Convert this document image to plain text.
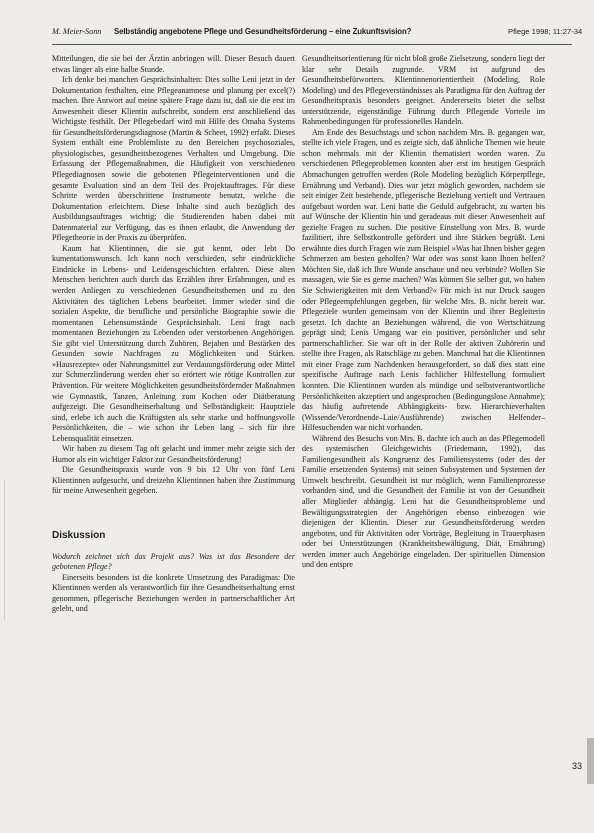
M. Meier-Sonn Selbständig angebotene Pflege und Gesundheitsförderung – eine Zukunftsvision?	Pflege 1998; 11:27-34

Mitteilungen, die sie bei der Ärztin anbringen will. Dieser Besuch dauert etwas länger als eine halbe Stunde.

Ich denke bei manchen Gesprächsinhalten: Dies sollte Leni jetzt in der Dokumentation festhalten, eine Pflegeanamnese und planung per excel(?) machen. Ihre Antwort auf meine spätere Frage dazu ist, daß sie die erst im Anwesenheit dieser Klientin aufschreibt, sondern erst anschließend das Wichtigste festhält. Der Pflegebedarf wird mit Hilfe des Omaha Systems für Gesundheitsförderungsdiagnose (Martin & Scheet, 1992) erfaßt. Dieses System enthält eine Problemliste zu den Bereichen psychosoziales, physiologisches, gesundheitsbezogenes Verhalten und Umgebung. Die Erfassung der Pflegemaßnahmen, die Häufigkeit von verschiedenen Pflegediagnosen sowie die gebotenen Pflegeinterventionen und die gesamte Evaluation sind an dem Teil des Projektauftrages. Für diese Schritte werden überschrittene Instrumente benutzt, welche die Dokumentation erleichtern. Diese Inhalte sind auch bezüglich des Ausbildungsauftrages wichtig; die Studierenden haben dabei mit Datenmaterial zur Verfügung, das es ihnen erlaubt, die Anwendung der Pflegetheorie in der Praxis zu überprüfen.

Kaum hat Klientinnen, die sie gut kennt, oder lebt Do kumentationswunsch. Ich kann noch verschieden, sehr eindrückliche Eindrücke in Lebens- und Leidensgeschichten erfahren. Diese alten Menschen berichten auch durch das Erzählen ihrer Erfahrungen, und es werden Anliegen zu verschiedenen Gesundheitsthemen und zu den Aktivitäten des täglichen Lebens bearbeitet. Immer wieder sind die sozialen Aspekte, die berufliche und persönliche Biographie sowie die momentanen Lebensumstände Gesprächsinhalt. Leni fragt nach momentanen Beziehungen zu Lebenden oder verstorbenen Angehörigen. Sie gibt viel Unterstützung durch Zuhören, Bejahen und Bestärken des Gesunden sowie Nachfragen zu Möglichkeiten und Stärken. »Hausrezepte« oder Nahrungsmittel zur Verdauungsförderung oder Mittel zur Schmerzlinderung werden eher so erörtert wie rötige Kontrollen zur Prävention. Für weitere Möglichkeiten gesundheitsfördernder Maßnahmen wie Gymnastik, Tanzen, Anleitung zum Kochen oder Diätberatung aufgezeigt. Die Gesundheitserhaltung und Selbständigkeit: Hauptziele sind, erlebe ich auch die Kräftigsten als sehr starke und hoffnungsvolle Persönlichkeiten, die – wie schon ihr Leben lang – sich für ihre Lebensqualität einsetzen.

Wir haben zu diesem Tag oft gelacht und immer mehr zeigte sich der Humor als ein wichtiger Faktor zur Gesundheitsförderung!

Die Gesundheitspraxis wurde von 9 bis 12 Uhr von fünf Leni Klientinnen aufgesucht, und dreizehn Klientinnen haben ihre Zustimmung für meine Anwesenheit gegeben.

Diskussion

Wodurch zeichnet sich das Projekt aus? Was ist das Besondere der gebotenen Pflege?

Einerseits besonders ist die konkrete Umsetzung des Paradigmas: Die Klientinnen werden als verantwortlich für ihre Gesundheitserhaltung ernst genommen, pflegerische Beziehungen werden in partnerschaftlicher Art gelebt, und

Gesundheitsorientierung für nicht bloß große Zielsetzung, sondern liegt der klar sehr Details zugrunde. VRM ist aufgrund des Gesundheitsbefürworters. Klientinnenorientiertheit (Modeling, Role Modeling) und des Pflegeverständnisses als Paradigma für den Auftrag der Gesundheitspraxis besonders geeignet. Andererseits bietet die selbst unterstützende, eigenständige Führung durch Pflegende Vorteile im Rahmenbedingungen für professionelles Handeln.

Am Ende des Besuchstags und schon nachdem Mrs. B. gegangen war, stellte ich viele Fragen, und es zeigte sich, daß ähnliche Themen wie heute schon mehrmals mit der Klientin thematisiert worden waren. Zu verschiedenen Pflegeproblemen konnten aber erst im heutigen Gespräch Abmachungen getroffen werden (Role Modeling bezüglich Körperpflege, Ernährung und Verband). Dies war jetzt möglich geworden, nachdem sie seit einiger Zeit bestehende, pflegerische Beziehung vertieft und Vertrauen aufgebaut worden war. Leni hatte die Geduld aufgebracht, zu warten bis auf Wünsche der Klientin hin und geradeaus mit dieser Anwesenheit auf gezielte Fragen zu suchen. Die positive Einstellung von Mrs. B. wurde fazilitiert, ihre Selbstkontrolle gefördert und ihre Stärken begrüßt. Leni erwähnte dies durch Fragen wie zum Beispiel »Was hat Ihnen bisher gegen Schmerzen am besten geholfen? War oder was sonst kann Ihnen helfen? Möchten Sie, daß ich Ihre Wunde anschaue und neu verbinde? Wollen Sie massagen, wie Sie es gerne machen? Was können Sie selber gut, wo haben Sie Schwierigkeiten mit dem Verband?« Für mich ist nur Druck saugen oder Pflegeempfehlungen gegeben, für welche Mrs. B. nicht bereit war. Pflegeziele wurden gemeinsam von der Klientin und ihrer Begleiterin gesetzt. Ich dachte an Beziehungen während, die von Wertschätzung geprägt sind; Lenis Umgang war ein positiver, persönlicher und sehr partnerschaftlicher. Sie war oft in der Rolle der aktiven Zuhörerin und stellte ihre Fragen, als Ratschläge zu geben. Manchmal hat die Klientinnen mit einer Frage zum Nachdenken herausgefordert, so daß dies statt eine spezifische Auftrage nach Lenis fachlicher Hilfestellung formuliert konnten. Die Klientinnen wurden als mündige und selbstverantwortliche Persönlichkeiten akzeptiert und angesprochen (Bedingungslose Annahme); das häufig auftretende Abhängigkeits- bzw. Hierarchieverhalten (Wissende/Verordnende–Laie/Ausführende) zwischen Helfender–Hilfesuchenden war nicht vorhanden.

Während des Besuchs von Mrs. B. dachte ich auch an das Pflegemodell des systemischen Gleichgewichts (Friedemann, 1992), das Familiengesundheit als Kongruenz des Familiensystems (oder des der Familie ersetzenden Systems) mit seinen Subsystemen und Systemen der Umwelt beschreibt. Gesundheit ist nur möglich, wenn Familienprozesse vorhanden sind, und die Gesundheit der Familie ist von der Gesundheit aller Mitglieder abhängig. Leni hat die Gesundheitsprobleme und Bewältigungsstrategien der Angehörigen ebenso einbezogen wie diejenigen der Klientin. Dieser zur Gesundheitsförderung werden angeboten, und für Aktivitäten oder Vorträge, Begleitung in Trauerphasen oder bei Unterstützungen (Krankheitsbewältigung, Diät, Ernährung) werden immer auch Angehörige eingeladen. Der spirituellen Dimension und den entspre

33
